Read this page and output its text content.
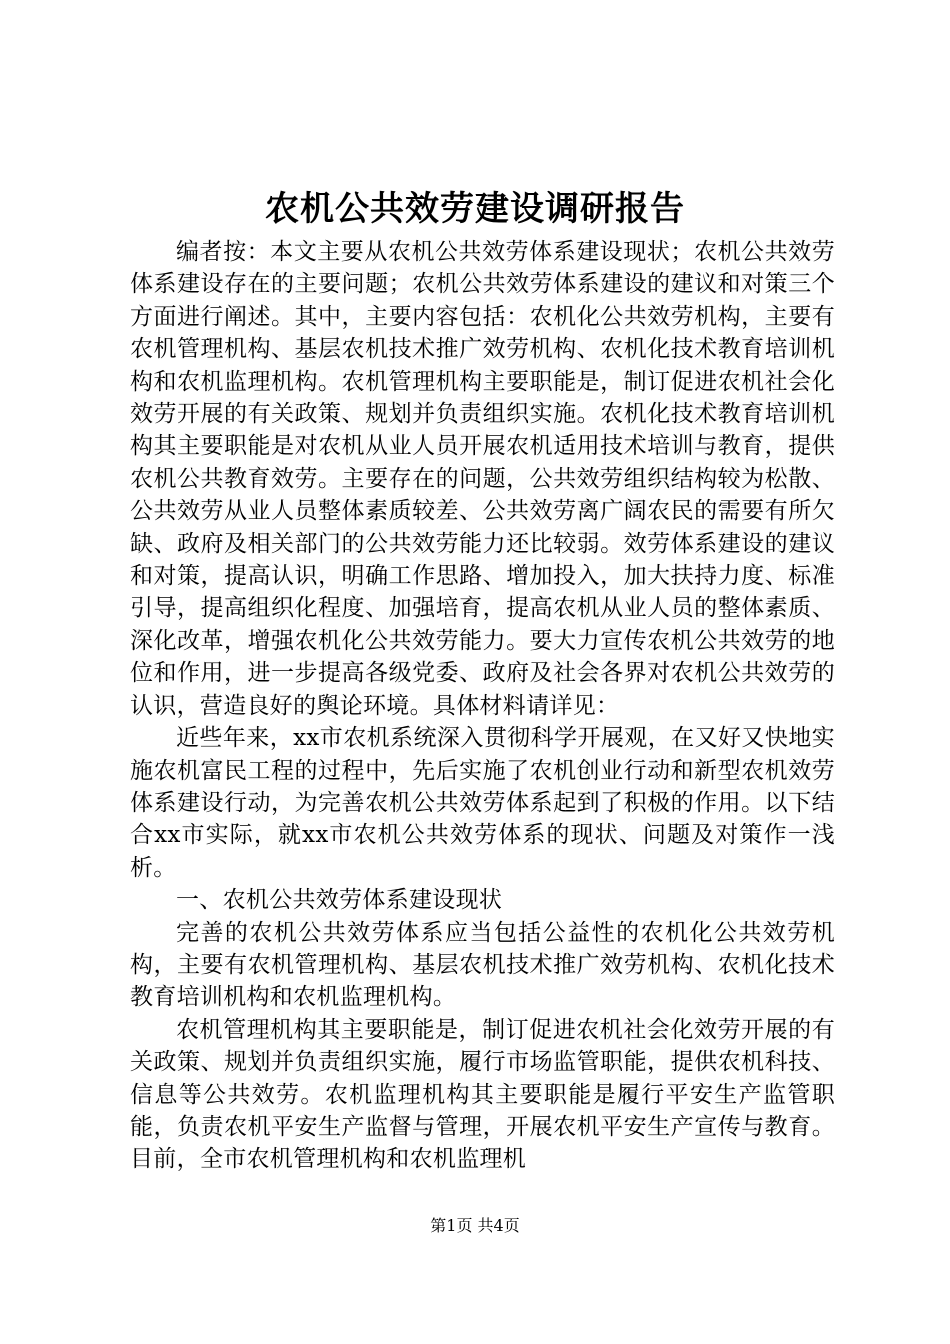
农机公共效劳建设调研报告

编者按：本文主要从农机公共效劳体系建设现状；农机公共效劳体系建设存在的主要问题；农机公共效劳体系建设的建议和对策三个方面进行阐述。其中，主要内容包括：农机化公共效劳机构，主要有农机管理机构、基层农机技术推广效劳机构、农机化技术教育培训机构和农机监理机构。农机管理机构主要职能是，制订促进农机社会化效劳开展的有关政策、规划并负责组织实施。农机化技术教育培训机构其主要职能是对农机从业人员开展农机适用技术培训与教育，提供农机公共教育效劳。主要存在的问题，公共效劳组织结构较为松散、公共效劳从业人员整体素质较差、公共效劳离广阔农民的需要有所欠缺、政府及相关部门的公共效劳能力还比较弱。效劳体系建设的建议和对策，提高认识，明确工作思路、增加投入，加大扶持力度、标准引导，提高组织化程度、加强培育，提高农机从业人员的整体素质、深化改革，增强农机化公共效劳能力。要大力宣传农机公共效劳的地位和作用，进一步提高各级党委、政府及社会各界对农机公共效劳的认识，营造良好的舆论环境。具体材料请详见：

近些年来，xx市农机系统深入贯彻科学开展观，在又好又快地实施农机富民工程的过程中，先后实施了农机创业行动和新型农机效劳体系建设行动，为完善农机公共效劳体系起到了积极的作用。以下结合xx市实际，就xx市农机公共效劳体系的现状、问题及对策作一浅析。

一、农机公共效劳体系建设现状

完善的农机公共效劳体系应当包括公益性的农机化公共效劳机构，主要有农机管理机构、基层农机技术推广效劳机构、农机化技术教育培训机构和农机监理机构。

农机管理机构其主要职能是，制订促进农机社会化效劳开展的有关政策、规划并负责组织实施，履行市场监管职能，提供农机科技、信息等公共效劳。农机监理机构其主要职能是履行平安生产监管职能，负责农机平安生产监督与管理，开展农机平安生产宣传与教育。目前，全市农机管理机构和农机监理机

第1页 共4页
